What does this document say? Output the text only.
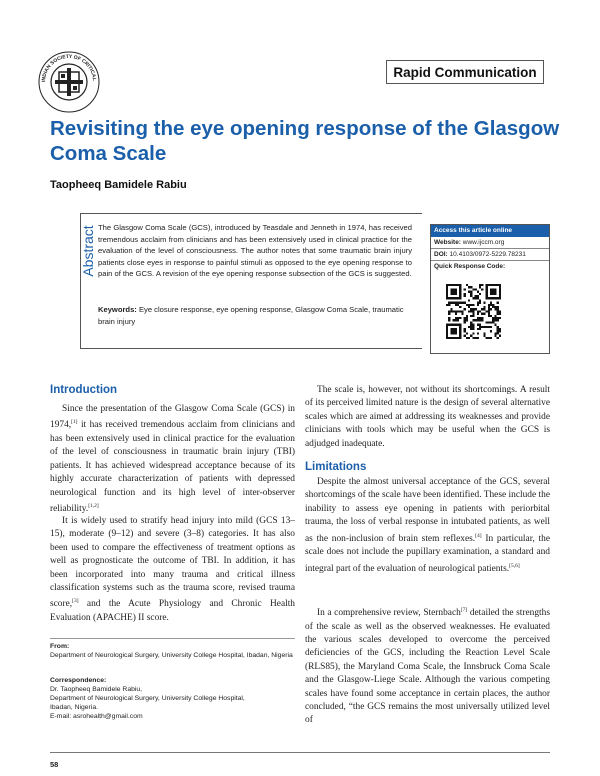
INDIAN SOCIETY OF CRITICAL	Rapid Communication
Revisiting the eye opening response of the Glasgow Coma Scale
Taopheeq Bamidele Rabiu
Abstract The Glasgow Coma Scale (GCS), introduced by Teasdale and Jenneth in 1974, has received tremendous acclaim from clinicians and has been extensively used in clinical practice for the evaluation of the level of consciousness. The author notes that some traumatic brain injury patients close eyes in response to painful stimuli as opposed to the eye opening response to pain of the GCS. A revision of the eye opening response subsection of the GCS is suggested.
Keywords: Eye closure response, eye opening response, Glasgow Coma Scale, traumatic brain injury
Access this article online
Website: www.ijccm.org
DOI: 10.4103/0972-5229.78231
Quick Response Code:
Introduction

Since the presentation of the Glasgow Coma Scale (GCS) in 1974,[1] it has received tremendous acclaim from clinicians and has been extensively used in clinical practice for the evaluation of the level of consciousness in traumatic brain injury (TBI) patients. It has achieved widespread acceptance because of its highly accurate characterization of patients with depressed neurological function and its high level of inter-observer reliability.[1,2]

It is widely used to stratify head injury into mild (GCS 13–15), moderate (9–12) and severe (3–8) categories. It has also been used to compare the effectiveness of treatment options as well as prognosticate the outcome of TBI. In addition, it has been incorporated into many trauma and critical illness classification systems such as the trauma score, revised trauma score,[3] and the Acute Physiology and Chronic Health Evaluation (APACHE) II score.

From:
Department of Neurological Surgery, University College Hospital, Ibadan, Nigeria
Correspondence:
Dr. Taopheeq Bamidele Rabiu,
Department of Neurological Surgery, University College Hospital,
Ibadan, Nigeria.
E-mail: asrohealth@gmail.com

The scale is, however, not without its shortcomings. A result of its perceived limited nature is the design of several alternative scales which are aimed at addressing its weaknesses and provide clinicians with tools which may be useful when the GCS is adjudged inadequate.

Limitations

Despite the almost universal acceptance of the GCS, several shortcomings of the scale have been identified. These include the inability to assess eye opening in patients with periorbital trauma, the loss of verbal response in intubated patients, as well as the non-inclusion of brain stem reflexes.[4] In particular, the scale does not include the pupillary examination, a standard and integral part of the evaluation of neurological patients.[5,6]

In a comprehensive review, Sternbach[7] detailed the strengths of the scale as well as the observed weaknesses. He evaluated the various scales developed to overcome the perceived deficiencies of the GCS, including the Reaction Level Scale (RLS85), the Maryland Coma Scale, the Innsbruck Coma Scale and the Glasgow-Liege Scale. Although the various competing scales have found some acceptance in certain places, the author concluded, “the GCS remains the most universally utilized level of

58
